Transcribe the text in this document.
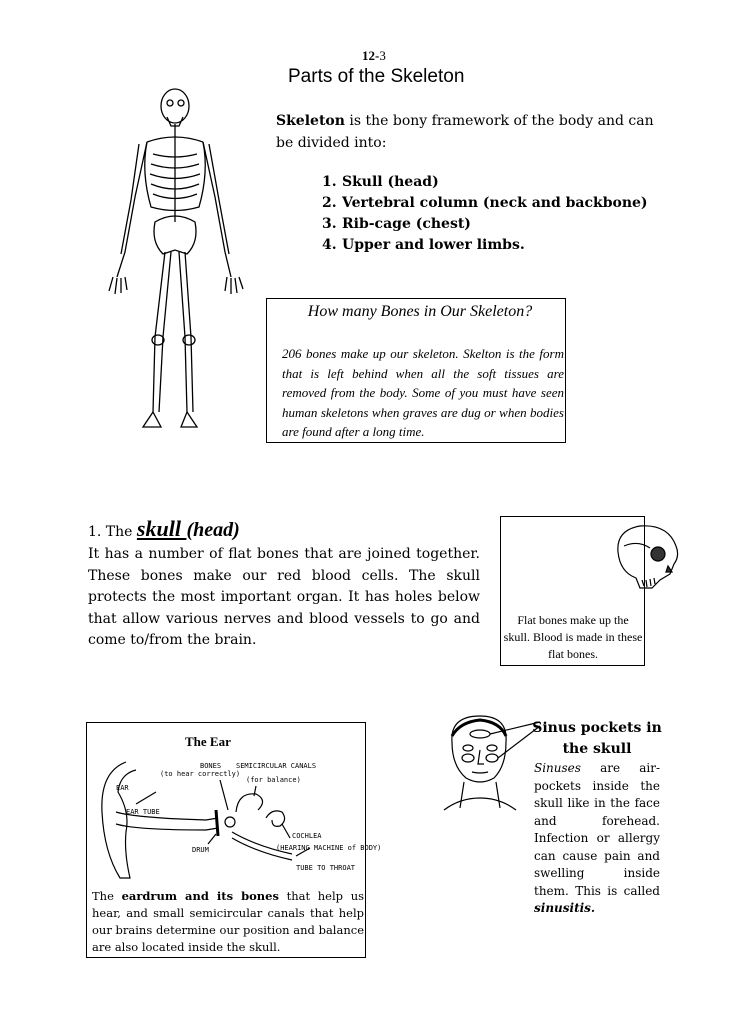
12-3
Parts of the Skeleton
Skeleton is the bony framework of the body and can be divided into:
1. Skull (head)
2. Vertebral column (neck and backbone)
3. Rib-cage (chest)
4. Upper and lower limbs.
How many Bones in Our Skeleton?
206 bones make up our skeleton. Skelton is the form that is left behind when all the soft tissues are removed from the body. Some of you must have seen human skeletons when graves are dug or when bodies are found after a long time.
1. The skull (head)
It has a number of flat bones that are joined together. These bones make our red blood cells. The skull protects the most important organ. It has holes below that allow various nerves and blood vessels to go and come to/from the brain.
Flat bones make up the skull. Blood is made in these flat bones.
The Ear
BONES
(to hear correctly)
SEMICIRCULAR CANALS
(for balance)
EAR
EAR TUBE
COCHLEA
(HEARING MACHINE of BODY)
DRUM
TUBE TO THROAT
The eardrum and its bones that help us hear, and small semicircular canals that help our brains determine our position and balance are also located inside the skull.
Sinus pockets in the skull
Sinuses are air-pockets inside the skull like in the face and forehead. Infection or allergy can cause pain and swelling inside them. This is called sinusitis.
